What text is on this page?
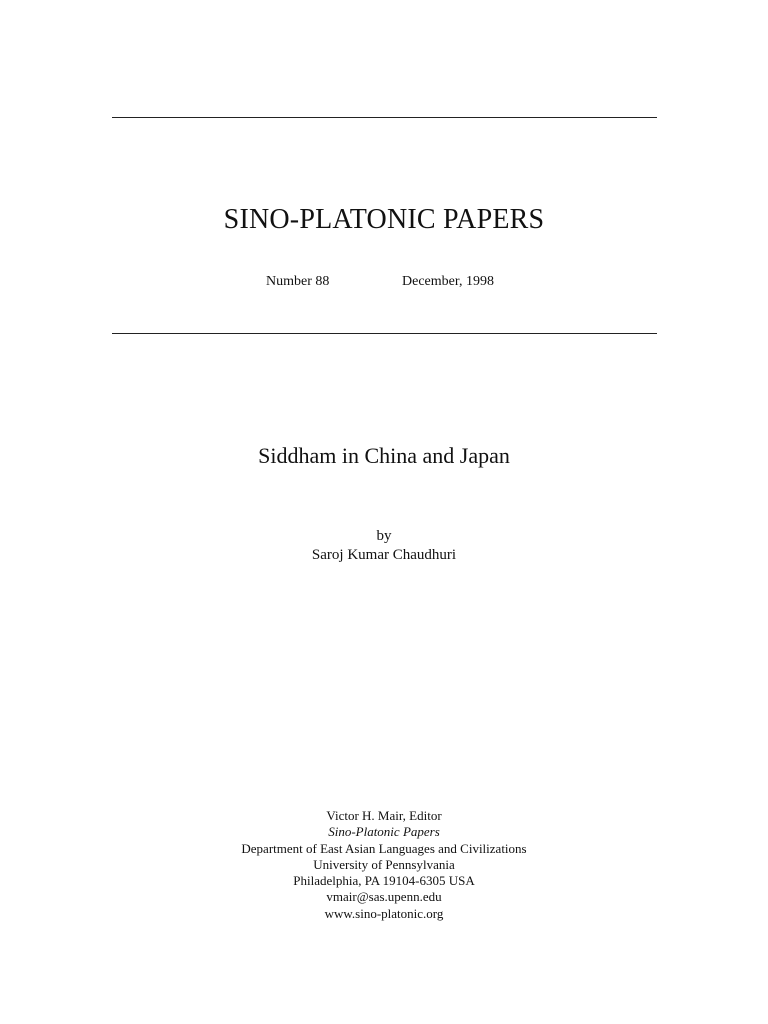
SINO-PLATONIC PAPERS
Number 88	December, 1998
Siddham in China and Japan
by
Saroj Kumar Chaudhuri
Victor H. Mair, Editor
Sino-Platonic Papers
Department of East Asian Languages and Civilizations
University of Pennsylvania
Philadelphia, PA 19104-6305 USA
vmair@sas.upenn.edu
www.sino-platonic.org
